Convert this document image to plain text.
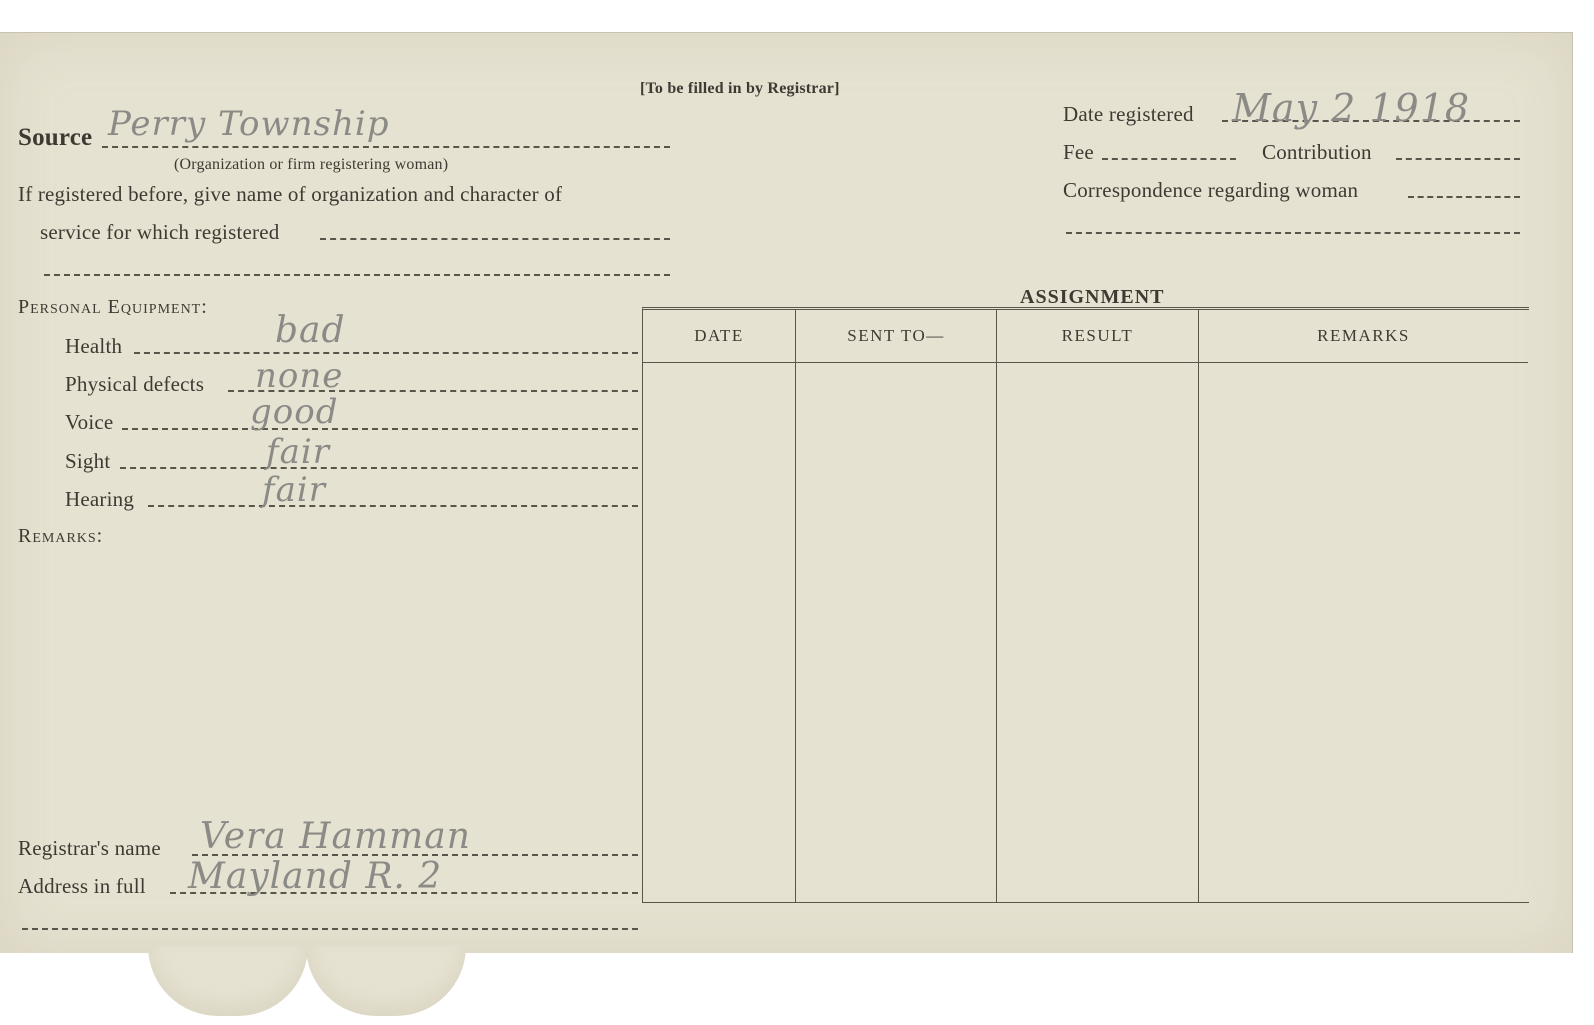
[To be filled in by Registrar]
Source Perry Township
(Organization or firm registering woman)
If registered before, give name of organization and character of
service for which registered
Date registered May 2 1918
Fee	Contribution
Correspondence regarding woman
Personal Equipment:
Health	bad
Physical defects none
Voice	good
Sight	fair
Hearing	fair
Remarks:
Registrar's name Vera Hamman
Address in full Mayland R. 2
ASSIGNMENT
DATE	SENT TO—	RESULT	REMARKS
